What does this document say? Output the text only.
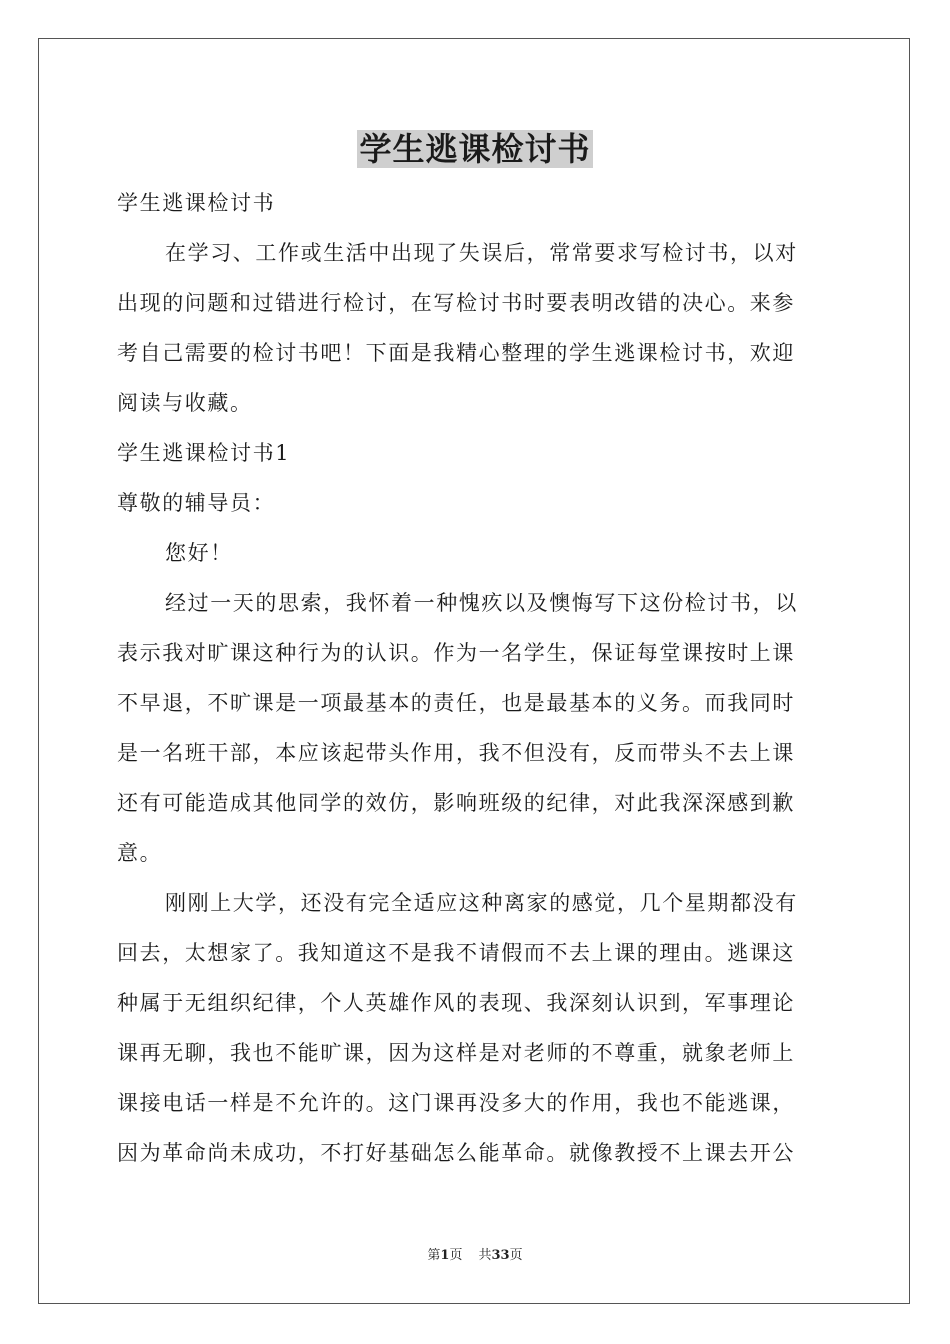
学生逃课检讨书
学生逃课检讨书
在学习、工作或生活中出现了失误后，常常要求写检讨书，以对
出现的问题和过错进行检讨，在写检讨书时要表明改错的决心。来参
考自己需要的检讨书吧！下面是我精心整理的学生逃课检讨书，欢迎
阅读与收藏。
学生逃课检讨书1
尊敬的辅导员：
您好！
经过一天的思索，我怀着一种愧疚以及懊悔写下这份检讨书，以
表示我对旷课这种行为的认识。作为一名学生，保证每堂课按时上课
不早退，不旷课是一项最基本的责任，也是最基本的义务。而我同时
是一名班干部，本应该起带头作用，我不但没有，反而带头不去上课
还有可能造成其他同学的效仿，影响班级的纪律，对此我深深感到歉
意。
刚刚上大学，还没有完全适应这种离家的感觉，几个星期都没有
回去，太想家了。我知道这不是我不请假而不去上课的理由。逃课这
种属于无组织纪律，个人英雄作风的表现、我深刻认识到，军事理论
课再无聊，我也不能旷课，因为这样是对老师的不尊重，就象老师上
课接电话一样是不允许的。这门课再没多大的作用，我也不能逃课，
因为革命尚未成功，不打好基础怎么能革命。就像教授不上课去开公
第1页 共33页
